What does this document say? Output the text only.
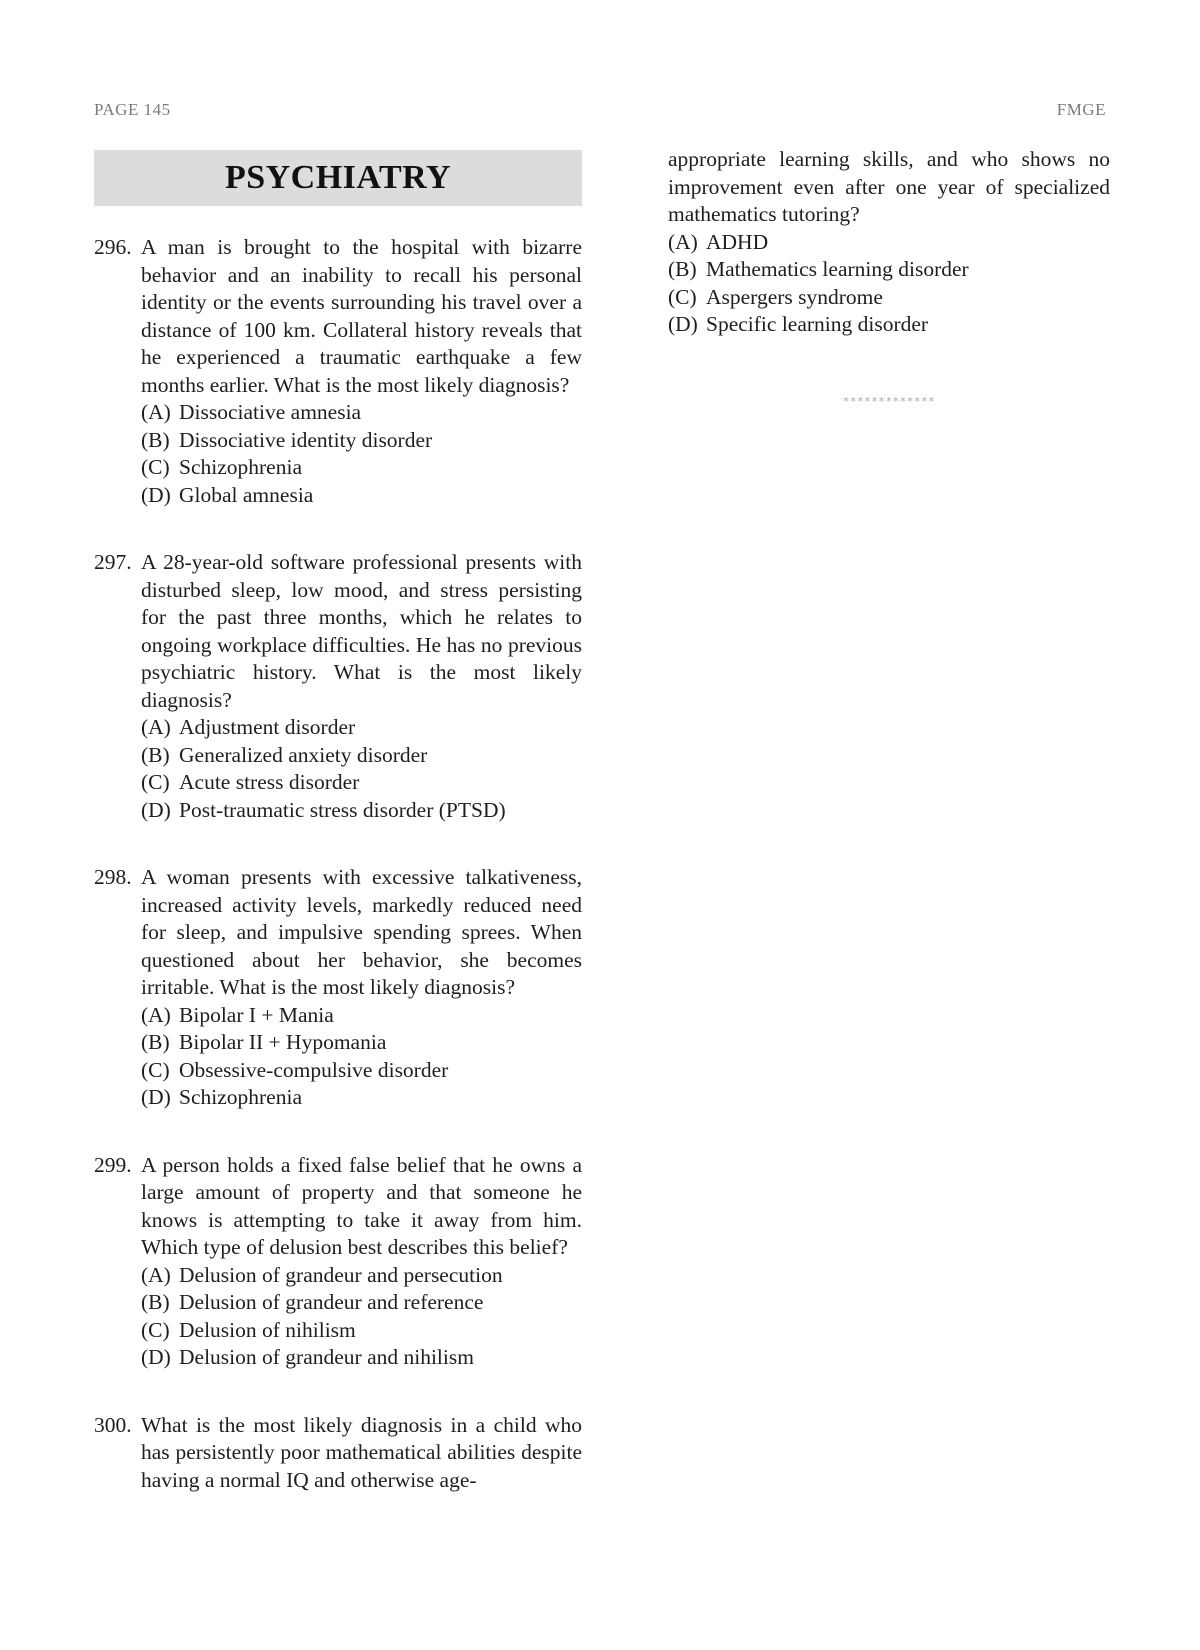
PAGE 145	FMGE
PSYCHIATRY
296. A man is brought to the hospital with bizarre behavior and an inability to recall his personal identity or the events surrounding his travel over a distance of 100 km. Collateral history reveals that he experienced a traumatic earthquake a few months earlier. What is the most likely diagnosis?
(A) Dissociative amnesia
(B) Dissociative identity disorder
(C) Schizophrenia
(D) Global amnesia
297. A 28-year-old software professional presents with disturbed sleep, low mood, and stress persisting for the past three months, which he relates to ongoing workplace difficulties. He has no previous psychiatric history. What is the most likely diagnosis?
(A) Adjustment disorder
(B) Generalized anxiety disorder
(C) Acute stress disorder
(D) Post-traumatic stress disorder (PTSD)
298. A woman presents with excessive talkativeness, increased activity levels, markedly reduced need for sleep, and impulsive spending sprees. When questioned about her behavior, she becomes irritable. What is the most likely diagnosis?
(A) Bipolar I + Mania
(B) Bipolar II + Hypomania
(C) Obsessive-compulsive disorder
(D) Schizophrenia
299. A person holds a fixed false belief that he owns a large amount of property and that someone he knows is attempting to take it away from him. Which type of delusion best describes this belief?
(A) Delusion of grandeur and persecution
(B) Delusion of grandeur and reference
(C) Delusion of nihilism
(D) Delusion of grandeur and nihilism
300. What is the most likely diagnosis in a child who has persistently poor mathematical abilities despite having a normal IQ and otherwise age-
appropriate learning skills, and who shows no improvement even after one year of specialized mathematics tutoring?
(A) ADHD
(B) Mathematics learning disorder
(C) Aspergers syndrome
(D) Specific learning disorder
*************
